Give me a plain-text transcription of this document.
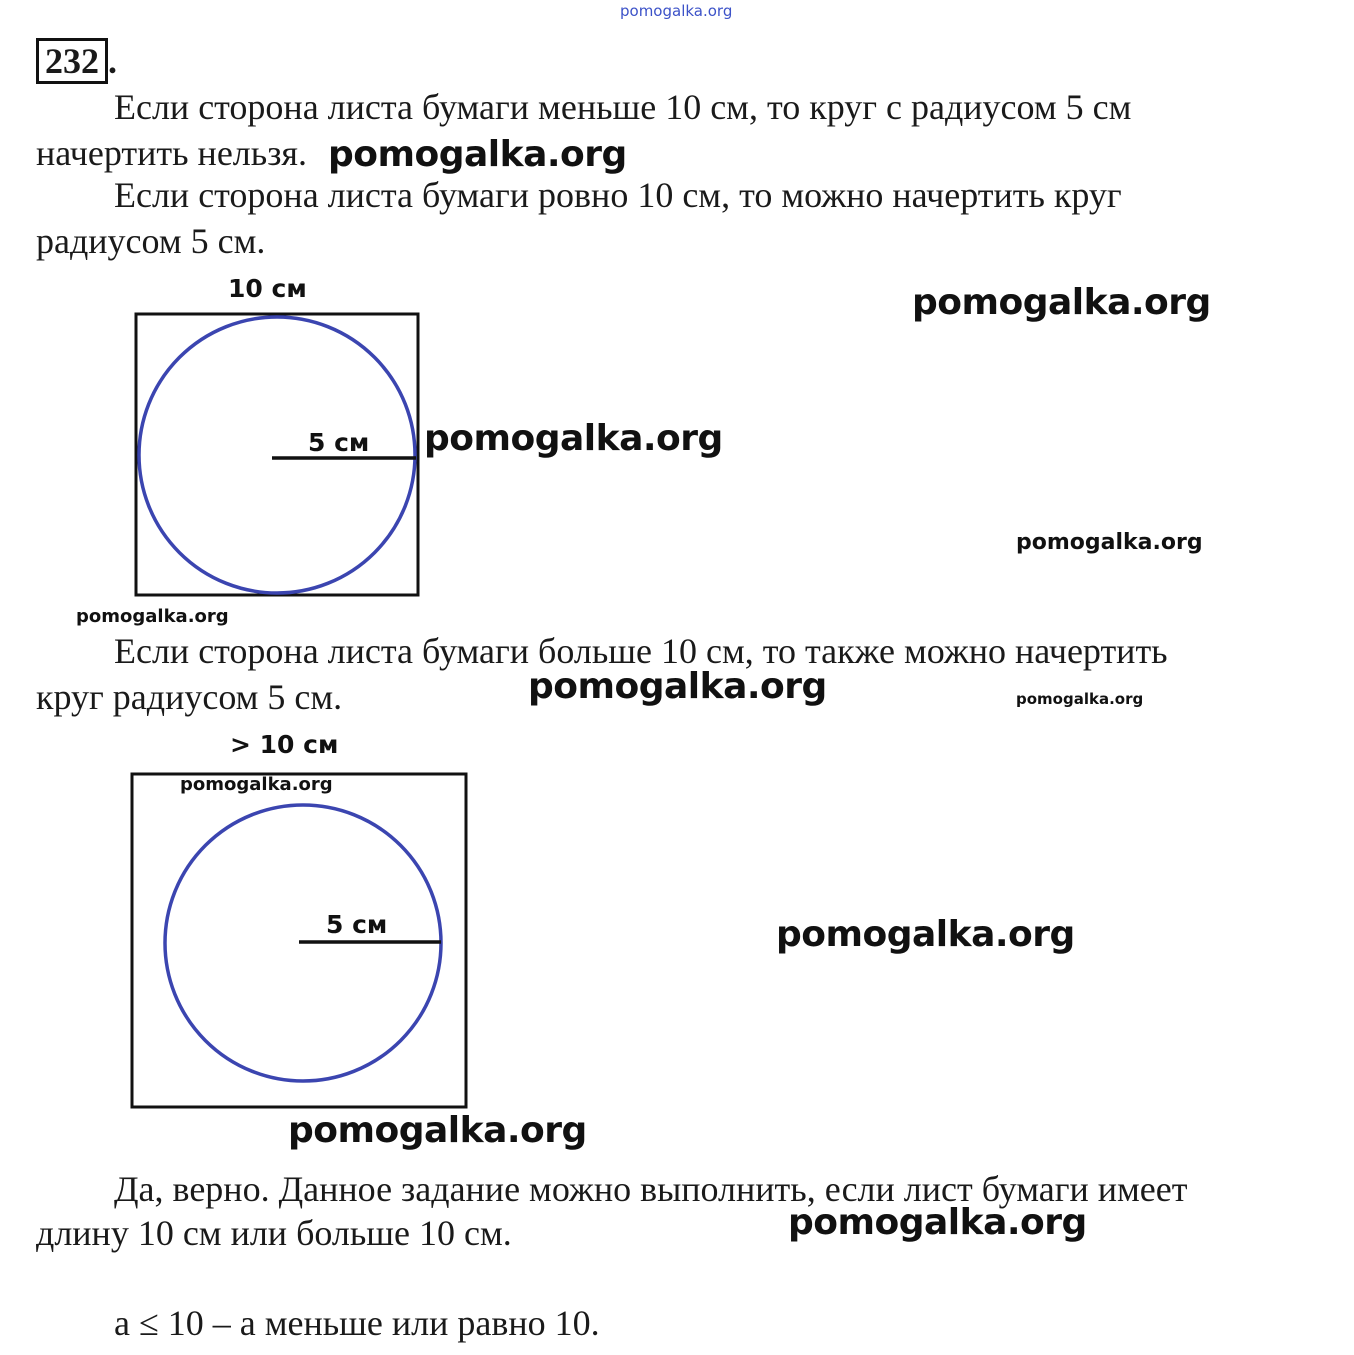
pomogalka.org
232 .
Если сторона листа бумаги меньше 10 см, то круг с радиусом 5 см
начертить нельзя. pomogalka.org
Если сторона листа бумаги ровно 10 см, то можно начертить круг
радиусом 5 см.
10 см
5 см
pomogalka.org
pomogalka.org
pomogalka.org
pomogalka.org
Если сторона листа бумаги больше 10 см, то также можно начертить
круг радиусом 5 см.	pomogalka.org	pomogalka.org
> 10 см
5 см
pomogalka.org
pomogalka.org
pomogalka.org
Да, верно. Данное задание можно выполнить, если лист бумаги имеет
длину 10 см или больше 10 см.	pomogalka.org
a ≤ 10 – a меньше или равно 10.
